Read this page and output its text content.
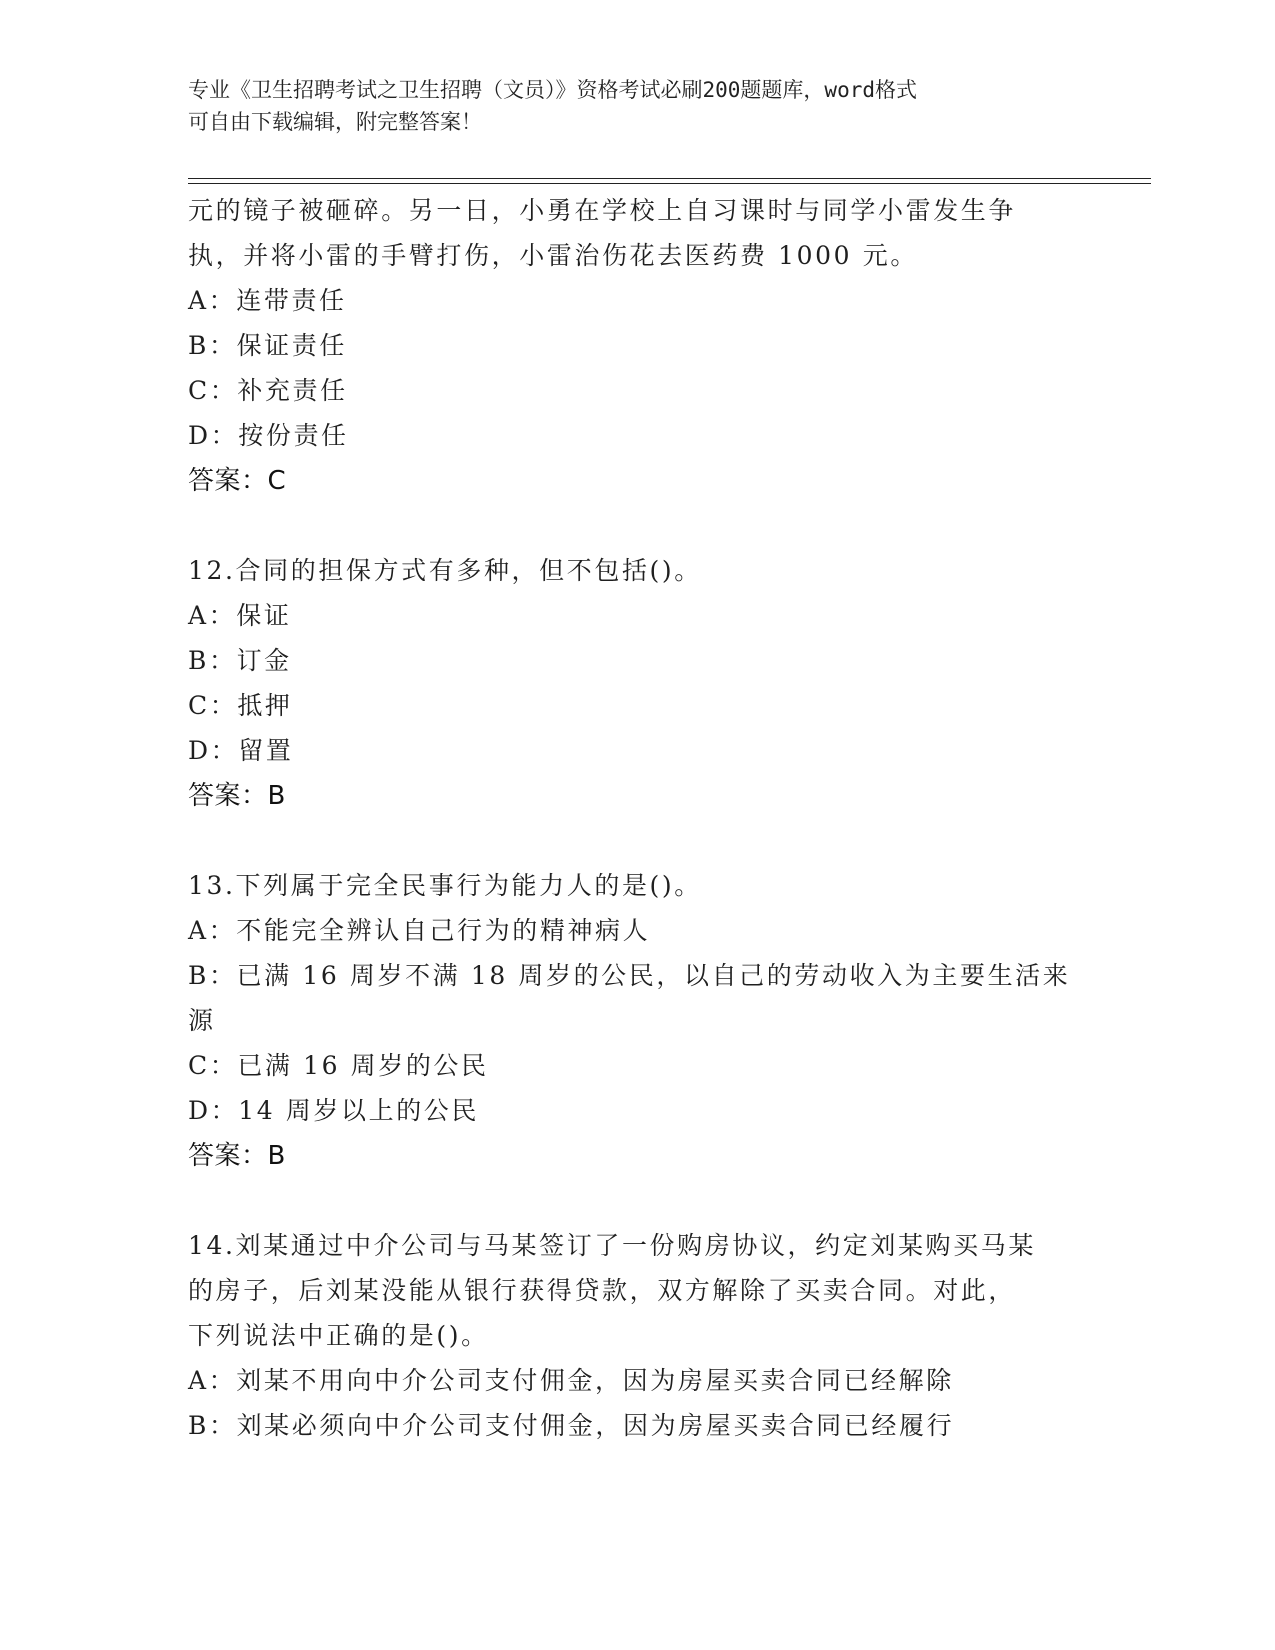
专业《卫生招聘考试之卫生招聘（文员）》资格考试必刷200题题库，word格式
可自由下载编辑，附完整答案！
元的镜子被砸碎。另一日，小勇在学校上自习课时与同学小雷发生争
执，并将小雷的手臂打伤，小雷治伤花去医药费 1000 元。
A：连带责任
B：保证责任
C：补充责任
D：按份责任
答案：C
12.合同的担保方式有多种，但不包括()。
A：保证
B：订金
C：抵押
D：留置
答案：B
13.下列属于完全民事行为能力人的是()。
A：不能完全辨认自己行为的精神病人
B：已满 16 周岁不满 18 周岁的公民，以自己的劳动收入为主要生活来
源
C：已满 16 周岁的公民
D：14 周岁以上的公民
答案：B
14.刘某通过中介公司与马某签订了一份购房协议，约定刘某购买马某
的房子，后刘某没能从银行获得贷款，双方解除了买卖合同。对此，
下列说法中正确的是()。
A：刘某不用向中介公司支付佣金，因为房屋买卖合同已经解除
B：刘某必须向中介公司支付佣金，因为房屋买卖合同已经履行
